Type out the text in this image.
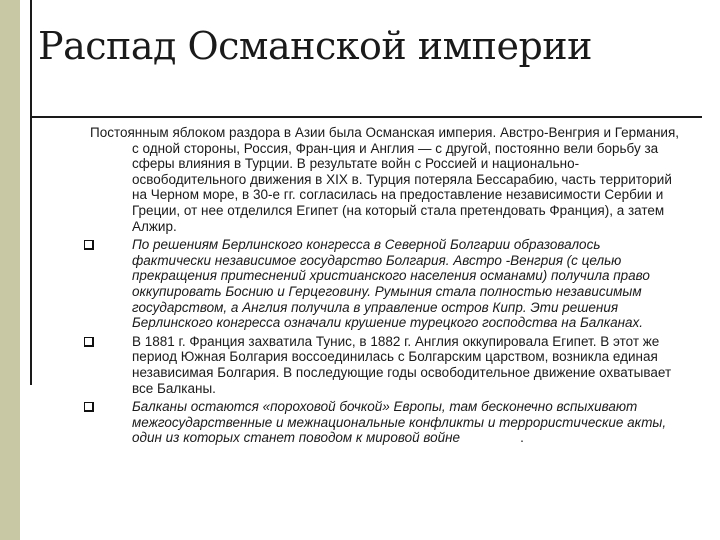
Распад Османской империи

Постоянным яблоком раздора в Азии была Османская империя. Австро-Венгрия и Германия, с одной стороны, Россия, Фран-ция и Англия — с другой, постоянно вели борьбу за сферы влияния в Турции. В результате войн с Россией и национально-освободительного движения в XIX в. Турция потеряла Бессарабию, часть территорий на Черном море, в 30-е гг. согласилась на предоставление независимости Сербии и Греции, от нее отделился Египет (на который стала претендовать Франция), а затем Алжир.

По решениям Берлинского конгресса в Северной Болгарии образовалось фактически независимое государство Болгария. Австро -Венгрия (с целью прекращения притеснений христианского населения османами) получила право оккупировать Боснию и Герцеговину. Румыния стала полностью независимым государством, а Англия получила в управление остров Кипр. Эти решения Берлинского конгресса означали крушение турецкого господства на Балканах.
В 1881 г. Франция захватила Тунис, в 1882 г. Англия оккупировала Египет. В этот же период Южная Болгария воссоединилась с Болгарским царством, возникла единая независимая Болгария. В последующие годы освободительное движение охватывает все Балканы.
Балканы остаются «пороховой бочкой» Европы, там бесконечно вспыхивают межгосударственные и межнациональные конфликты и террористические акты, один из которых станет поводом к мировой войне	.
